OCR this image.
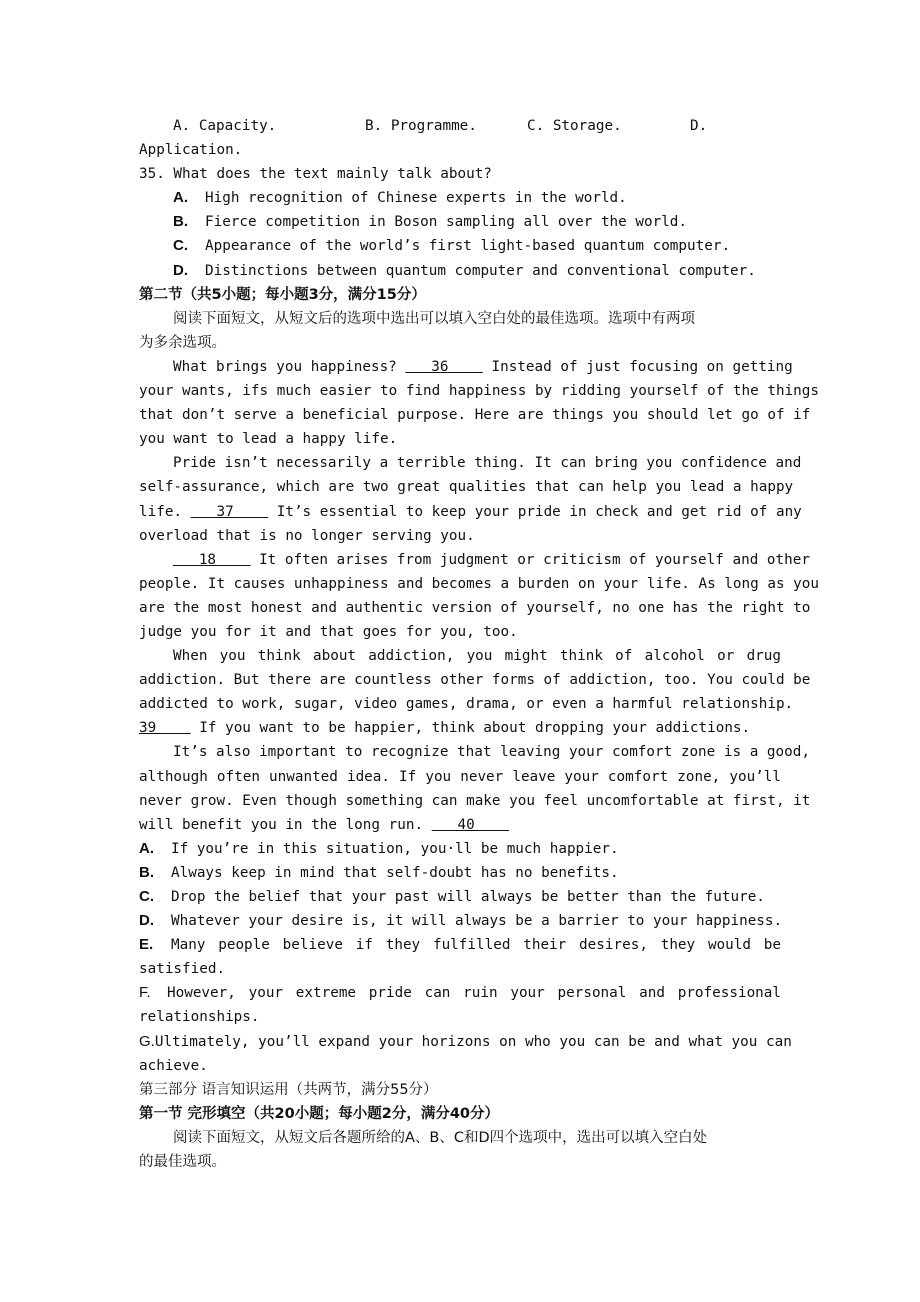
A. Capacity.	B. Programme.	C. Storage.	D.
Application.
35. What does the text mainly talk about?
A. High recognition of Chinese experts in the world.
B. Fierce competition in Boson sampling all over the world.
C. Appearance of the world’s first light-based quantum computer.
D. Distinctions between quantum computer and conventional computer.
第二节（共5小题；每小题3分，满分15分）
阅读下面短文，从短文后的选项中选出可以填入空白处的最佳选项。选项中有两项
为多余选项。
What brings you happiness?    36     Instead of just focusing on getting
your wants, ifs much easier to find happiness by ridding yourself of the things
that don’t serve a beneficial purpose. Here are things you should let go of if
you want to lead a happy life.
Pride isn’t necessarily a terrible thing. It can bring you confidence and
self-assurance, which are two great qualities that can help you lead a happy
life.    37     It’s essential to keep your pride in check and get rid of any
overload that is no longer serving you.
18     It often arises from judgment or criticism of yourself and other
people. It causes unhappiness and becomes a burden on your life. As long as you
are the most honest and authentic version of yourself, no one has the right to
judge you for it and that goes for you, too.
When you think about addiction, you might think of alcohol or drug
addiction. But there are countless other forms of addiction, too. You could be
addicted to work, sugar, video games, drama, or even a harmful relationship.
39     If you want to be happier, think about dropping your addictions.
It’s also important to recognize that leaving your comfort zone is a good,
although often unwanted idea. If you never leave your comfort zone, you’ll
never grow. Even though something can make you feel uncomfortable at first, it
will benefit you in the long run.    40
A. If you’re in this situation, you·ll be much happier.
B. Always keep in mind that self-doubt has no benefits.
C. Drop the belief that your past will always be better than the future.
D. Whatever your desire is, it will always be a barrier to your happiness.
E.	Many people believe if they fulfilled their desires, they would be
satisfied.
F.	However, your extreme pride can ruin your personal and professional
relationships.
G. Ultimately, you’ll expand your horizons on who you can be and what you can
achieve.
第三部分 语言知识运用（共两节，满分55分）
第一节 完形填空（共20小题；每小题2分，满分40分）
阅读下面短文，从短文后各题所给的A、B、C和D四个选项中，选出可以填入空白处
的最佳选项。
